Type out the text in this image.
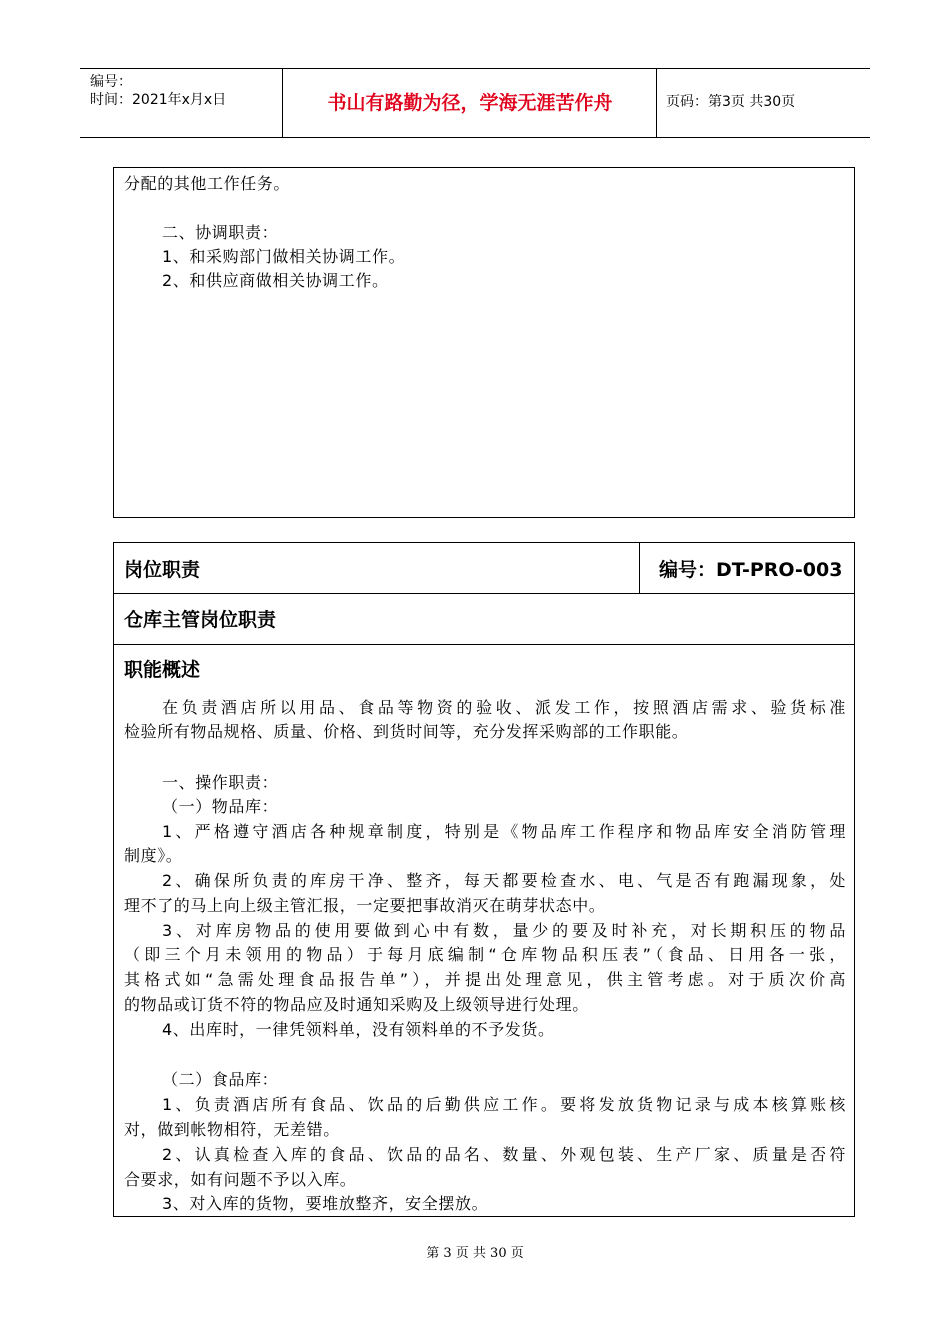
编号：
时间：2021年x月x日	书山有路勤为径，学海无涯苦作舟	页码：第3页 共30页
分配的其他工作任务。
二、协调职责：
1、和采购部门做相关协调工作。
2、和供应商做相关协调工作。
岗位职责	编号：DT-PRO-003
仓库主管岗位职责
职能概述
在负责酒店所以用品、食品等物资的验收、派发工作，按照酒店需求、验货标准
检验所有物品规格、质量、价格、到货时间等，充分发挥采购部的工作职能。
一、操作职责：
（一）物品库：
1、严格遵守酒店各种规章制度，特别是《物品库工作程序和物品库安全消防管理
制度》。
2、确保所负责的库房干净、整齐，每天都要检查水、电、气是否有跑漏现象，处
理不了的马上向上级主管汇报，一定要把事故消灭在萌芽状态中。
3、对库房物品的使用要做到心中有数，量少的要及时补充，对长期积压的物品
（即三个月未领用的物品）于每月底编制“仓库物品积压表”（食品、日用各一张，
其格式如“急需处理食品报告单”），并提出处理意见，供主管考虑。对于质次价高
的物品或订货不符的物品应及时通知采购及上级领导进行处理。
4、出库时，一律凭领料单，没有领料单的不予发货。
（二）食品库：
1、负责酒店所有食品、饮品的后勤供应工作。要将发放货物记录与成本核算账核
对，做到帐物相符，无差错。
2、认真检查入库的食品、饮品的品名、数量、外观包装、生产厂家、质量是否符
合要求，如有问题不予以入库。
3、对入库的货物，要堆放整齐，安全摆放。
第 3 页 共 30 页
